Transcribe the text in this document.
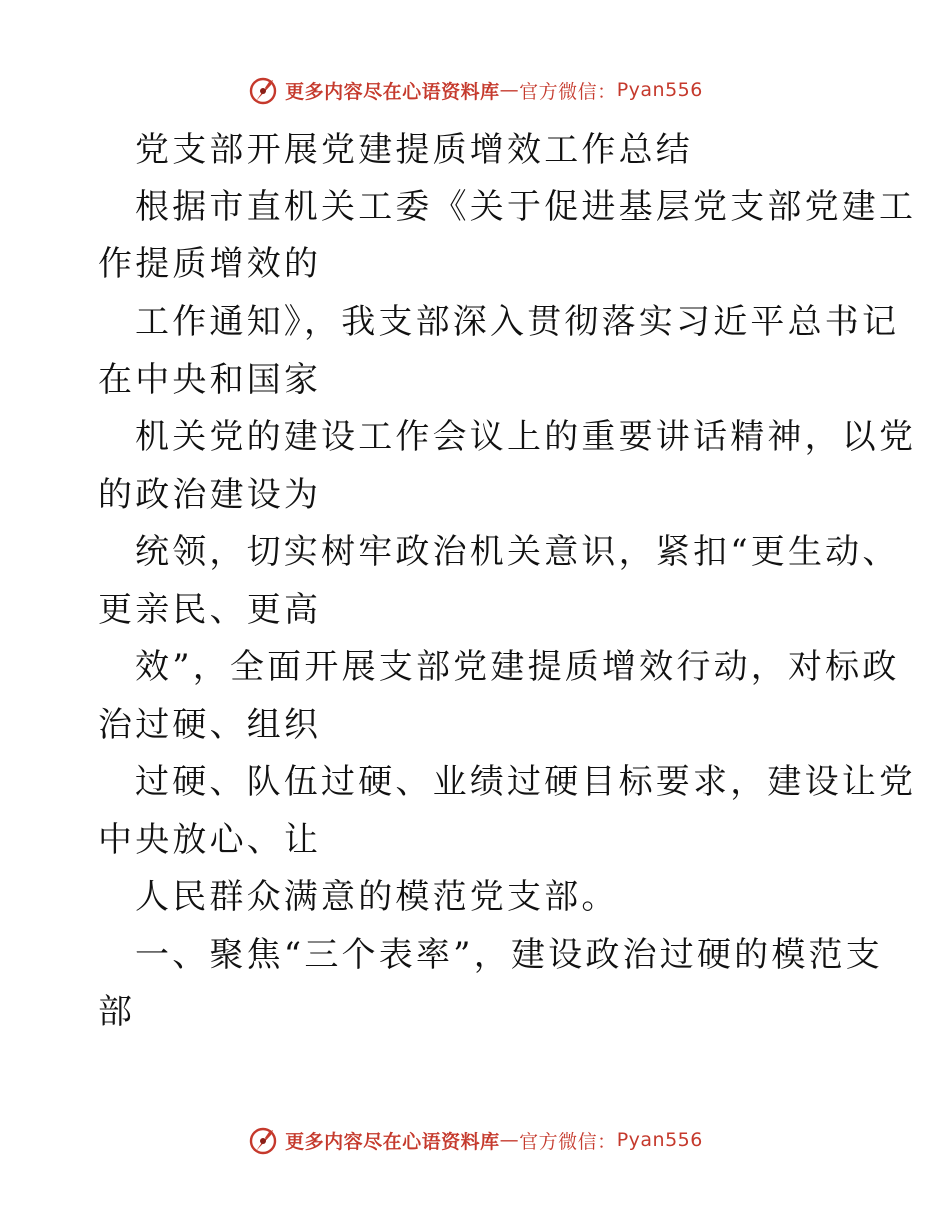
更多内容尽在心语资料库 — 官方微信： Pyan556
党支部开展党建提质增效工作总结
根据市直机关工委《关于促进基层党支部党建工
作提质增效的
工作通知》，我支部深入贯彻落实习近平总书记
在中央和国家
机关党的建设工作会议上的重要讲话精神，以党
的政治建设为
统领，切实树牢政治机关意识，紧扣“更生动、
更亲民、更高
效”，全面开展支部党建提质增效行动，对标政
治过硬、组织
过硬、队伍过硬、业绩过硬目标要求，建设让党
中央放心、让
人民群众满意的模范党支部。
一、聚焦“三个表率”，建设政治过硬的模范支
部
更多内容尽在心语资料库 — 官方微信： Pyan556
